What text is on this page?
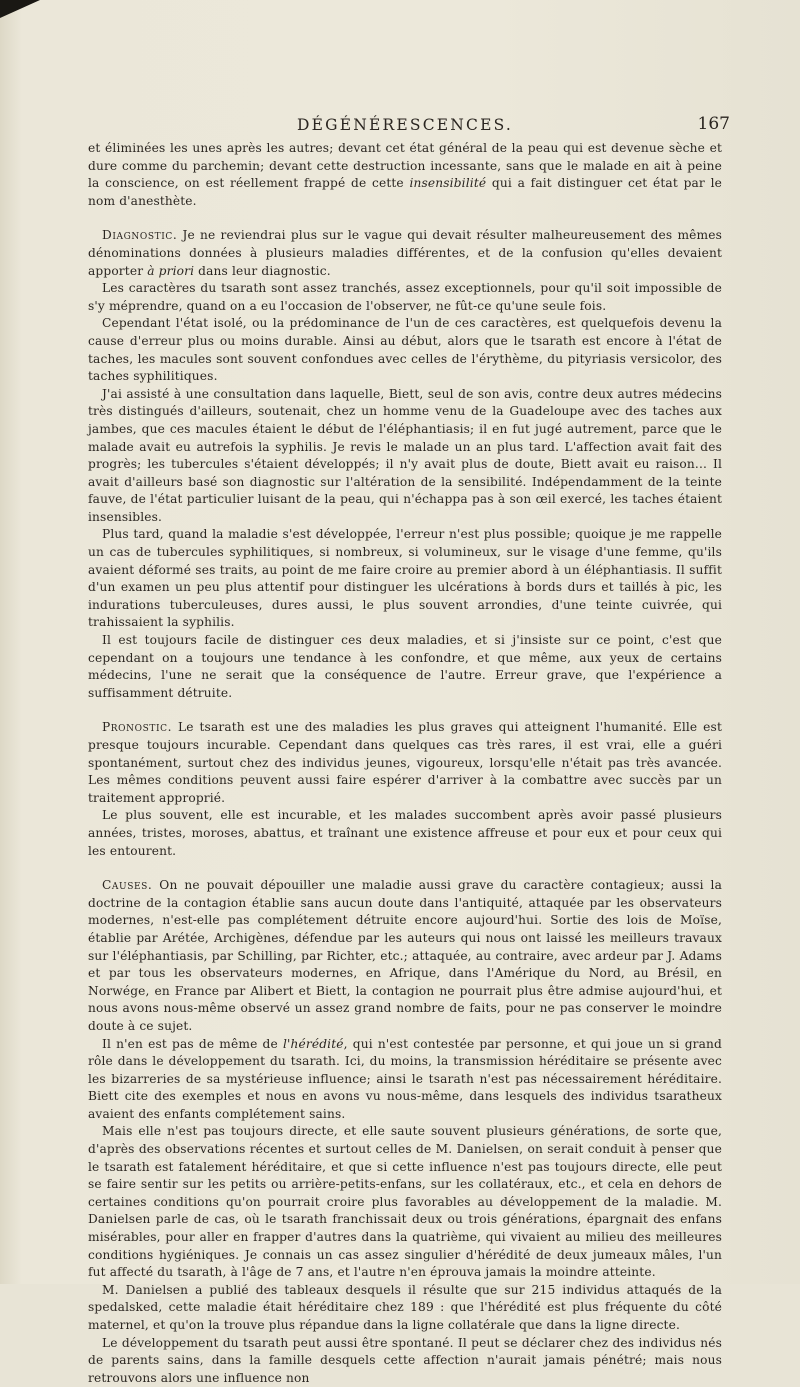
DÉGÉNÉRESCENCES.	167

et éliminées les unes après les autres; devant cet état général de la peau qui est devenue sèche et dure comme du parchemin; devant cette destruction incessante, sans que le malade en ait à peine la conscience, on est réellement frappé de cette insensibilité qui a fait distinguer cet état par le nom d'anesthète.

Diagnostic. Je ne reviendrai plus sur le vague qui devait résulter malheureusement des mêmes dénominations données à plusieurs maladies différentes, et de la confusion qu'elles devaient apporter à priori dans leur diagnostic.

Les caractères du tsarath sont assez tranchés, assez exceptionnels, pour qu'il soit impossible de s'y méprendre, quand on a eu l'occasion de l'observer, ne fût-ce qu'une seule fois.

Cependant l'état isolé, ou la prédominance de l'un de ces caractères, est quelquefois devenu la cause d'erreur plus ou moins durable. Ainsi au début, alors que le tsarath est encore à l'état de taches, les macules sont souvent confondues avec celles de l'érythème, du pityriasis versicolor, des taches syphilitiques.

J'ai assisté à une consultation dans laquelle, Biett, seul de son avis, contre deux autres médecins très distingués d'ailleurs, soutenait, chez un homme venu de la Guadeloupe avec des taches aux jambes, que ces macules étaient le début de l'éléphantiasis; il en fut jugé autrement, parce que le malade avait eu autrefois la syphilis. Je revis le malade un an plus tard. L'affection avait fait des progrès; les tubercules s'étaient développés; il n'y avait plus de doute, Biett avait eu raison... Il avait d'ailleurs basé son diagnostic sur l'altération de la sensibilité. Indépendamment de la teinte fauve, de l'état particulier luisant de la peau, qui n'échappa pas à son œil exercé, les taches étaient insensibles.

Plus tard, quand la maladie s'est développée, l'erreur n'est plus possible; quoique je me rappelle un cas de tubercules syphilitiques, si nombreux, si volumineux, sur le visage d'une femme, qu'ils avaient déformé ses traits, au point de me faire croire au premier abord à un éléphantiasis. Il suffit d'un examen un peu plus attentif pour distinguer les ulcérations à bords durs et taillés à pic, les indurations tuberculeuses, dures aussi, le plus souvent arrondies, d'une teinte cuivrée, qui trahissaient la syphilis.

Il est toujours facile de distinguer ces deux maladies, et si j'insiste sur ce point, c'est que cependant on a toujours une tendance à les confondre, et que même, aux yeux de certains médecins, l'une ne serait que la conséquence de l'autre. Erreur grave, que l'expérience a suffisamment détruite.

Pronostic. Le tsarath est une des maladies les plus graves qui atteignent l'humanité. Elle est presque toujours incurable. Cependant dans quelques cas très rares, il est vrai, elle a guéri spontanément, surtout chez des individus jeunes, vigoureux, lorsqu'elle n'était pas très avancée. Les mêmes conditions peuvent aussi faire espérer d'arriver à la combattre avec succès par un traitement approprié.

Le plus souvent, elle est incurable, et les malades succombent après avoir passé plusieurs années, tristes, moroses, abattus, et traînant une existence affreuse et pour eux et pour ceux qui les entourent.

Causes. On ne pouvait dépouiller une maladie aussi grave du caractère contagieux; aussi la doctrine de la contagion établie sans aucun doute dans l'antiquité, attaquée par les observateurs modernes, n'est-elle pas complétement détruite encore aujourd'hui. Sortie des lois de Moïse, établie par Arétée, Archigènes, défendue par les auteurs qui nous ont laissé les meilleurs travaux sur l'éléphantiasis, par Schilling, par Richter, etc.; attaquée, au contraire, avec ardeur par J. Adams et par tous les observateurs modernes, en Afrique, dans l'Amérique du Nord, au Brésil, en Norwége, en France par Alibert et Biett, la contagion ne pourrait plus être admise aujourd'hui, et nous avons nous-même observé un assez grand nombre de faits, pour ne pas conserver le moindre doute à ce sujet.

Il n'en est pas de même de l'hérédité, qui n'est contestée par personne, et qui joue un si grand rôle dans le développement du tsarath. Ici, du moins, la transmission héréditaire se présente avec les bizarreries de sa mystérieuse influence; ainsi le tsarath n'est pas nécessairement héréditaire. Biett cite des exemples et nous en avons vu nous-même, dans lesquels des individus tsaratheux avaient des enfants complétement sains.

Mais elle n'est pas toujours directe, et elle saute souvent plusieurs générations, de sorte que, d'après des observations récentes et surtout celles de M. Danielsen, on serait conduit à penser que le tsarath est fatalement héréditaire, et que si cette influence n'est pas toujours directe, elle peut se faire sentir sur les petits ou arrière-petits-enfans, sur les collatéraux, etc., et cela en dehors de certaines conditions qu'on pourrait croire plus favorables au développement de la maladie. M. Danielsen parle de cas, où le tsarath franchissait deux ou trois générations, épargnait des enfans misérables, pour aller en frapper d'autres dans la quatrième, qui vivaient au milieu des meilleures conditions hygiéniques. Je connais un cas assez singulier d'hérédité de deux jumeaux mâles, l'un fut affecté du tsarath, à l'âge de 7 ans, et l'autre n'en éprouva jamais la moindre atteinte.

M. Danielsen a publié des tableaux desquels il résulte que sur 215 individus attaqués de la spedalsked, cette maladie était héréditaire chez 189 : que l'hérédité est plus fréquente du côté maternel, et qu'on la trouve plus répandue dans la ligne collatérale que dans la ligne directe.

Le développement du tsarath peut aussi être spontané. Il peut se déclarer chez des individus nés de parents sains, dans la famille desquels cette affection n'aurait jamais pénétré; mais nous retrouvons alors une influence non
